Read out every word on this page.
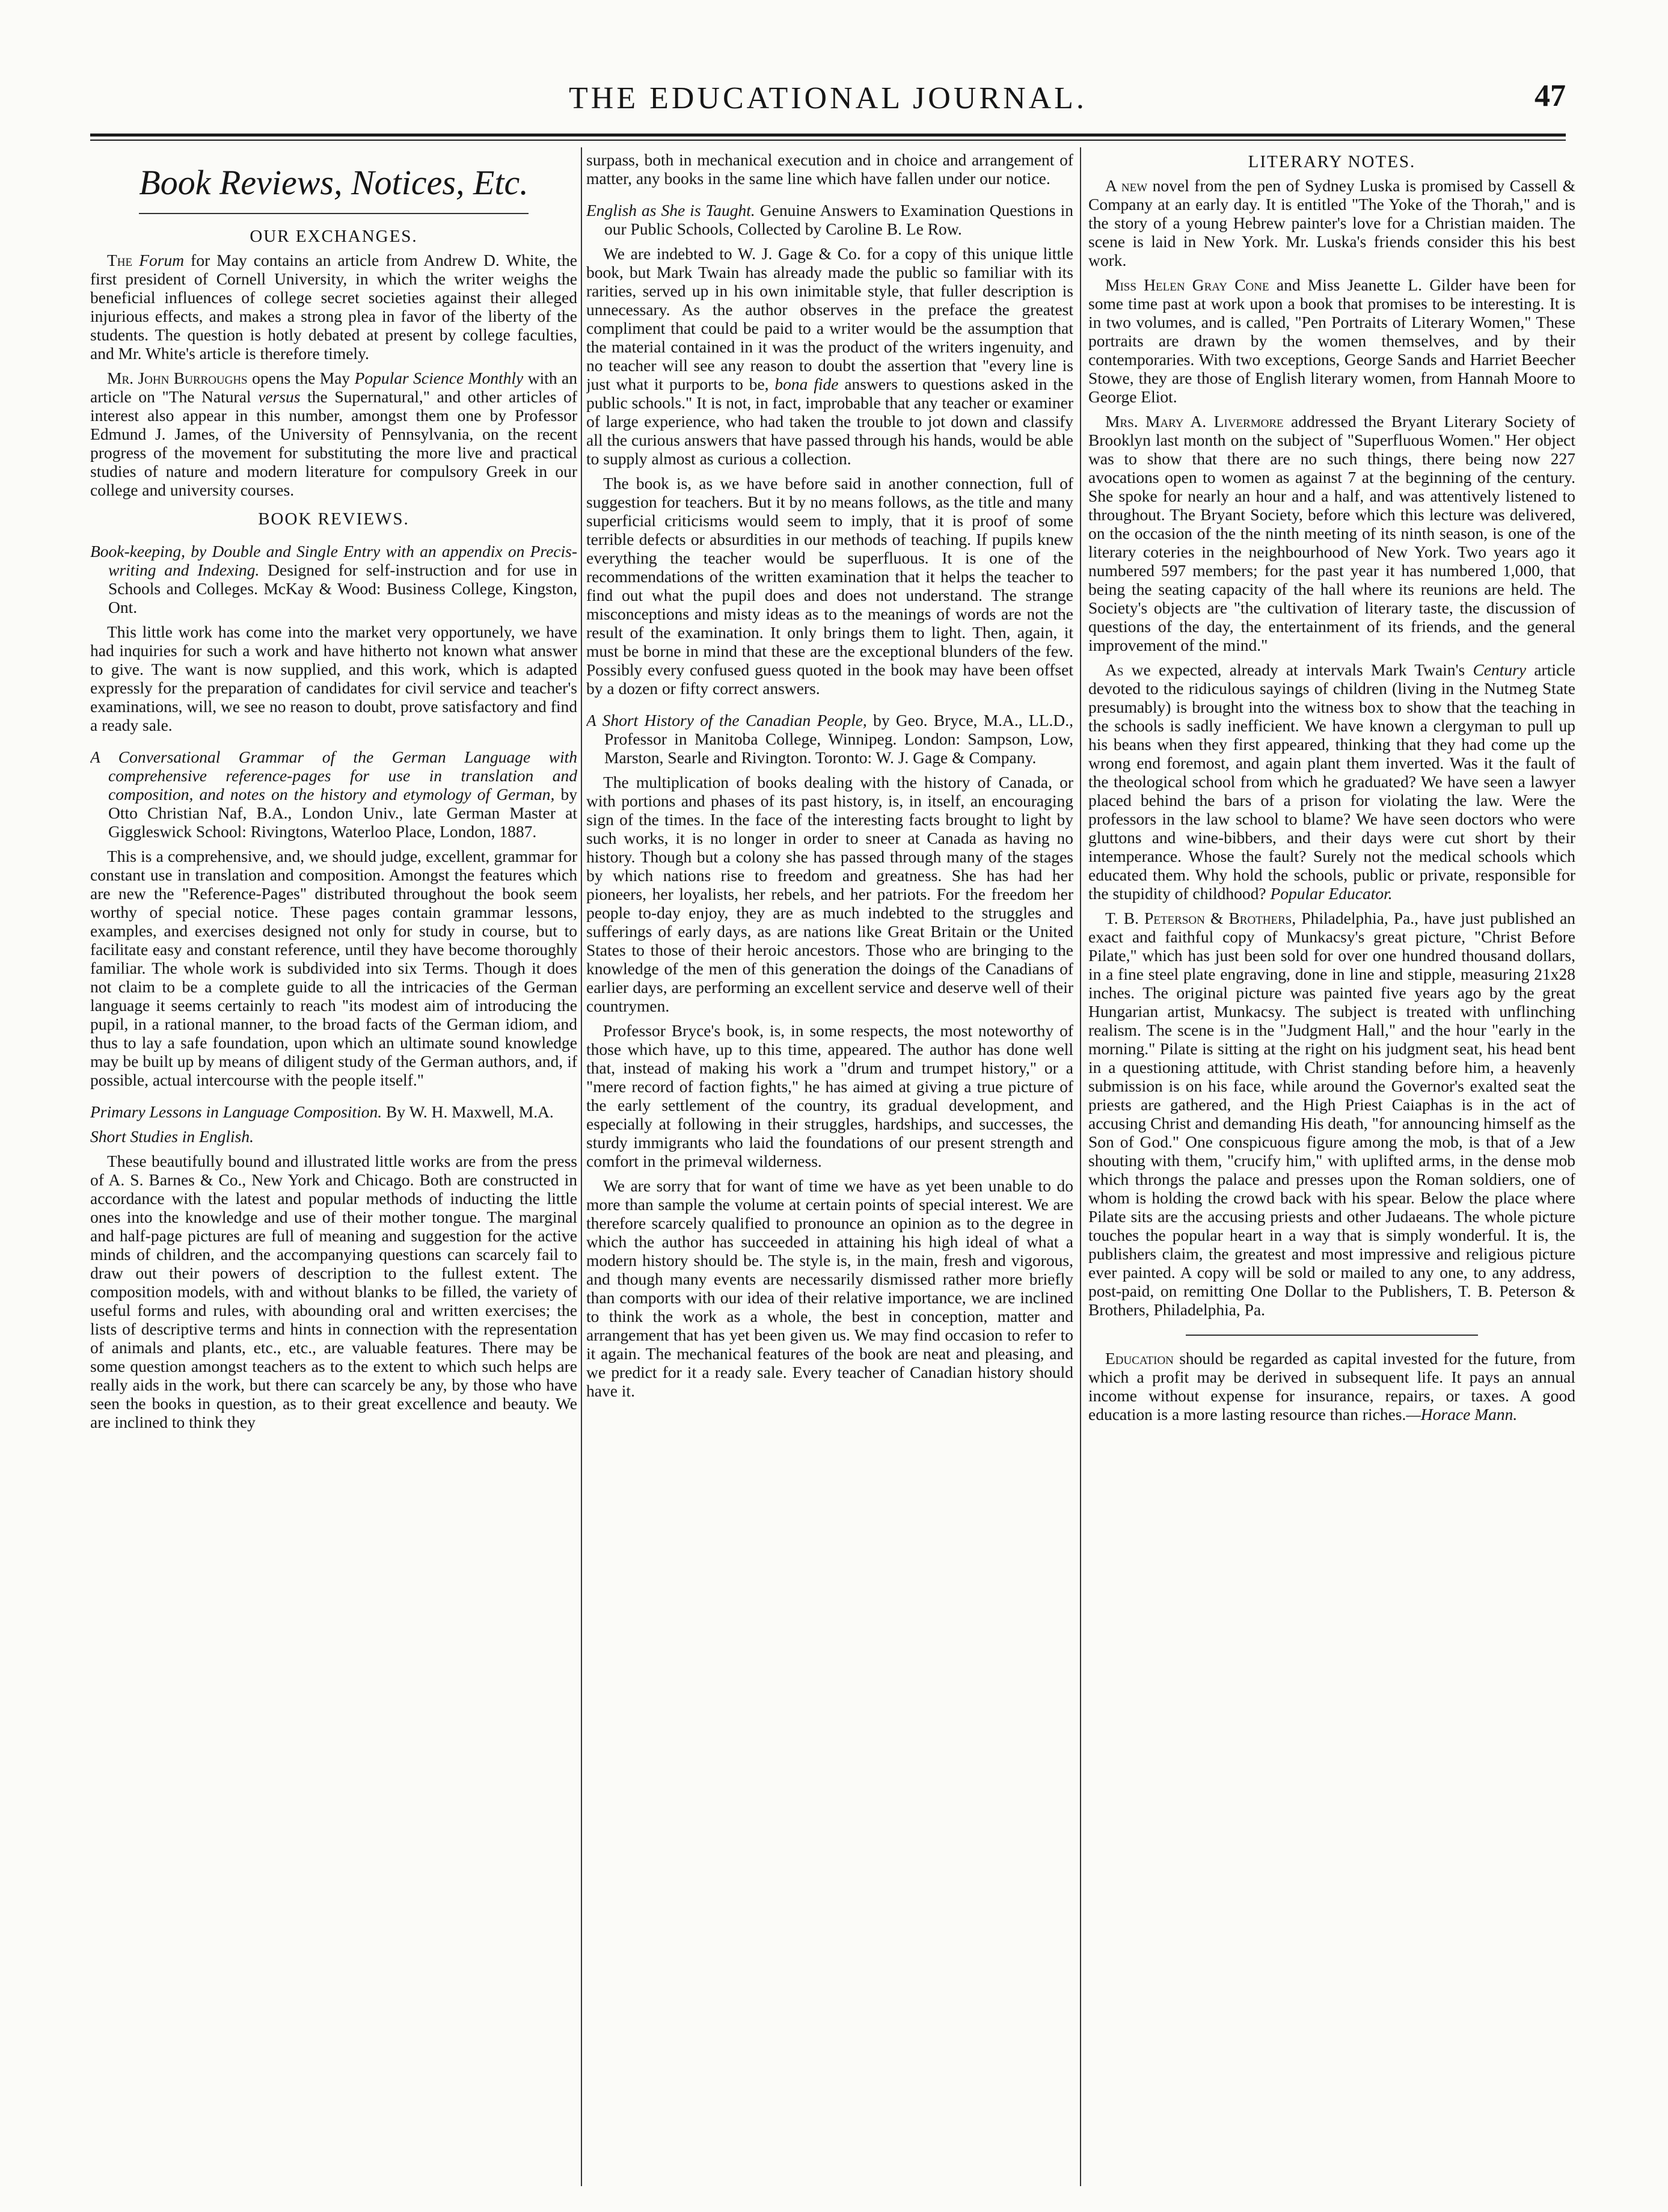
THE EDUCATIONAL JOURNAL.	47
Book Reviews, Notices, Etc.
OUR EXCHANGES.

The Forum for May contains an article from Andrew D. White, the first president of Cornell University, in which the writer weighs the beneficial influences of college secret societies against their alleged injurious effects, and makes a strong plea in favor of the liberty of the students. The question is hotly debated at present by college faculties, and Mr. White's article is therefore timely.

Mr. John Burroughs opens the May Popular Science Monthly with an article on "The Natural versus the Supernatural," and other articles of interest also appear in this number, amongst them one by Professor Edmund J. James, of the University of Pennsylvania, on the recent progress of the movement for substituting the more live and practical studies of nature and modern literature for compulsory Greek in our college and university courses.

BOOK REVIEWS.
Book-keeping, by Double and Single Entry with an appendix on Precis-writing and Indexing. Designed for self-instruction and for use in Schools and Colleges. McKay & Wood: Business College, Kingston, Ont.

This little work has come into the market very opportunely, we have had inquiries for such a work and have hitherto not known what answer to give. The want is now supplied, and this work, which is adapted expressly for the preparation of candidates for civil service and teacher's examinations, will, we see no reason to doubt, prove satisfactory and find a ready sale.

A Conversational Grammar of the German Language with comprehensive reference-pages for use in translation and composition, and notes on the history and etymology of German, by Otto Christian Naf, B.A., London Univ., late German Master at Giggleswick School: Rivingtons, Waterloo Place, London, 1887.

This is a comprehensive, and, we should judge, excellent, grammar for constant use in translation and composition. Amongst the features which are new the "Reference-Pages" distributed throughout the book seem worthy of special notice. These pages contain grammar lessons, examples, and exercises designed not only for study in course, but to facilitate easy and constant reference, until they have become thoroughly familiar. The whole work is subdivided into six Terms. Though it does not claim to be a complete guide to all the intricacies of the German language it seems certainly to reach "its modest aim of introducing the pupil, in a rational manner, to the broad facts of the German idiom, and thus to lay a safe foundation, upon which an ultimate sound knowledge may be built up by means of diligent study of the German authors, and, if possible, actual intercourse with the people itself."

Primary Lessons in Language Composition. By W. H. Maxwell, M.A.
Short Studies in English.

These beautifully bound and illustrated little works are from the press of A. S. Barnes & Co., New York and Chicago. Both are constructed in accordance with the latest and popular methods of inducting the little ones into the knowledge and use of their mother tongue. The marginal and half-page pictures are full of meaning and suggestion for the active minds of children, and the accompanying questions can scarcely fail to draw out their powers of description to the fullest extent. The composition models, with and without blanks to be filled, the variety of useful forms and rules, with abounding oral and written exercises; the lists of descriptive terms and hints in connection with the representation of animals and plants, etc., etc., are valuable features. There may be some question amongst teachers as to the extent to which such helps are really aids in the work, but there can scarcely be any, by those who have seen the books in question, as to their great excellence and beauty. We are inclined to think they

surpass, both in mechanical execution and in choice and arrangement of matter, any books in the same line which have fallen under our notice.

English as She is Taught. Genuine Answers to Examination Questions in our Public Schools, Collected by Caroline B. Le Row.

We are indebted to W. J. Gage & Co. for a copy of this unique little book, but Mark Twain has already made the public so familiar with its rarities, served up in his own inimitable style, that fuller description is unnecessary. As the author observes in the preface the greatest compliment that could be paid to a writer would be the assumption that the material contained in it was the product of the writers ingenuity, and no teacher will see any reason to doubt the assertion that "every line is just what it purports to be, bona fide answers to questions asked in the public schools." It is not, in fact, improbable that any teacher or examiner of large experience, who had taken the trouble to jot down and classify all the curious answers that have passed through his hands, would be able to supply almost as curious a collection.

The book is, as we have before said in another connection, full of suggestion for teachers. But it by no means follows, as the title and many superficial criticisms would seem to imply, that it is proof of some terrible defects or absurdities in our methods of teaching. If pupils knew everything the teacher would be superfluous. It is one of the recommendations of the written examination that it helps the teacher to find out what the pupil does and does not understand. The strange misconceptions and misty ideas as to the meanings of words are not the result of the examination. It only brings them to light. Then, again, it must be borne in mind that these are the exceptional blunders of the few. Possibly every confused guess quoted in the book may have been offset by a dozen or fifty correct answers.

A Short History of the Canadian People, by Geo. Bryce, M.A., LL.D., Professor in Manitoba College, Winnipeg. London: Sampson, Low, Marston, Searle and Rivington. Toronto: W. J. Gage & Company.

The multiplication of books dealing with the history of Canada, or with portions and phases of its past history, is, in itself, an encouraging sign of the times. In the face of the interesting facts brought to light by such works, it is no longer in order to sneer at Canada as having no history. Though but a colony she has passed through many of the stages by which nations rise to freedom and greatness. She has had her pioneers, her loyalists, her rebels, and her patriots. For the freedom her people to-day enjoy, they are as much indebted to the struggles and sufferings of early days, as are nations like Great Britain or the United States to those of their heroic ancestors. Those who are bringing to the knowledge of the men of this generation the doings of the Canadians of earlier days, are performing an excellent service and deserve well of their countrymen.

Professor Bryce's book, is, in some respects, the most noteworthy of those which have, up to this time, appeared. The author has done well that, instead of making his work a "drum and trumpet history," or a "mere record of faction fights," he has aimed at giving a true picture of the early settlement of the country, its gradual development, and especially at following in their struggles, hardships, and successes, the sturdy immigrants who laid the foundations of our present strength and comfort in the primeval wilderness.

We are sorry that for want of time we have as yet been unable to do more than sample the volume at certain points of special interest. We are therefore scarcely qualified to pronounce an opinion as to the degree in which the author has succeeded in attaining his high ideal of what a modern history should be. The style is, in the main, fresh and vigorous, and though many events are necessarily dismissed rather more briefly than comports with our idea of their relative importance, we are inclined to think the work as a whole, the best in conception, matter and arrangement that has yet been given us. We may find occasion to refer to it again. The mechanical features of the book are neat and pleasing, and we predict for it a ready sale. Every teacher of Canadian history should have it.

LITERARY NOTES.

A new novel from the pen of Sydney Luska is promised by Cassell & Company at an early day. It is entitled "The Yoke of the Thorah," and is the story of a young Hebrew painter's love for a Christian maiden. The scene is laid in New York. Mr. Luska's friends consider this his best work.

Miss Helen Gray Cone and Miss Jeanette L. Gilder have been for some time past at work upon a book that promises to be interesting. It is in two volumes, and is called, "Pen Portraits of Literary Women," These portraits are drawn by the women themselves, and by their contemporaries. With two exceptions, George Sands and Harriet Beecher Stowe, they are those of English literary women, from Hannah Moore to George Eliot.

Mrs. Mary A. Livermore addressed the Bryant Literary Society of Brooklyn last month on the subject of "Superfluous Women." Her object was to show that there are no such things, there being now 227 avocations open to women as against 7 at the beginning of the century. She spoke for nearly an hour and a half, and was attentively listened to throughout. The Bryant Society, before which this lecture was delivered, on the occasion of the the ninth meeting of its ninth season, is one of the literary coteries in the neighbourhood of New York. Two years ago it numbered 597 members; for the past year it has numbered 1,000, that being the seating capacity of the hall where its reunions are held. The Society's objects are "the cultivation of literary taste, the discussion of questions of the day, the entertainment of its friends, and the general improvement of the mind."

As we expected, already at intervals Mark Twain's Century article devoted to the ridiculous sayings of children (living in the Nutmeg State presumably) is brought into the witness box to show that the teaching in the schools is sadly inefficient. We have known a clergyman to pull up his beans when they first appeared, thinking that they had come up the wrong end foremost, and again plant them inverted. Was it the fault of the theological school from which he graduated? We have seen a lawyer placed behind the bars of a prison for violating the law. Were the professors in the law school to blame? We have seen doctors who were gluttons and wine-bibbers, and their days were cut short by their intemperance. Whose the fault? Surely not the medical schools which educated them. Why hold the schools, public or private, responsible for the stupidity of childhood? Popular Educator.

T. B. Peterson & Brothers, Philadelphia, Pa., have just published an exact and faithful copy of Munkacsy's great picture, "Christ Before Pilate," which has just been sold for over one hundred thousand dollars, in a fine steel plate engraving, done in line and stipple, measuring 21x28 inches. The original picture was painted five years ago by the great Hungarian artist, Munkacsy. The subject is treated with unflinching realism. The scene is in the "Judgment Hall," and the hour "early in the morning." Pilate is sitting at the right on his judgment seat, his head bent in a questioning attitude, with Christ standing before him, a heavenly submission is on his face, while around the Governor's exalted seat the priests are gathered, and the High Priest Caiaphas is in the act of accusing Christ and demanding His death, "for announcing himself as the Son of God." One conspicuous figure among the mob, is that of a Jew shouting with them, "crucify him," with uplifted arms, in the dense mob which throngs the palace and presses upon the Roman soldiers, one of whom is holding the crowd back with his spear. Below the place where Pilate sits are the accusing priests and other Judaeans. The whole picture touches the popular heart in a way that is simply wonderful. It is, the publishers claim, the greatest and most impressive and religious picture ever painted. A copy will be sold or mailed to any one, to any address, post-paid, on remitting One Dollar to the Publishers, T. B. Peterson & Brothers, Philadelphia, Pa.

Education should be regarded as capital invested for the future, from which a profit may be derived in subsequent life. It pays an annual income without expense for insurance, repairs, or taxes. A good education is a more lasting resource than riches.—Horace Mann.
